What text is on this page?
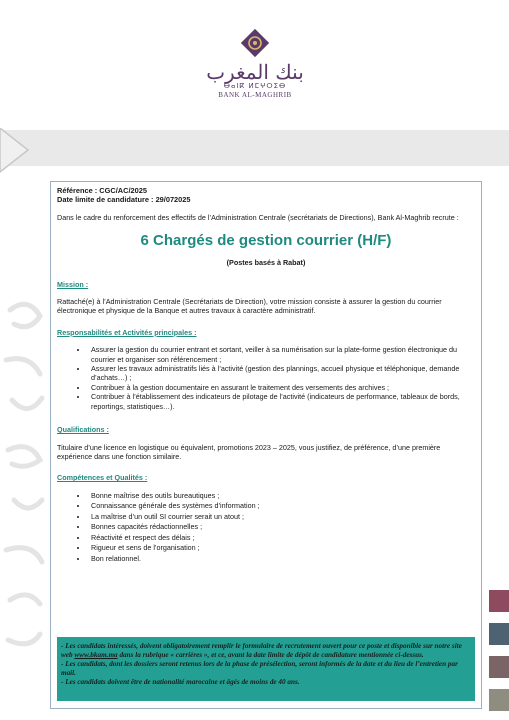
بنك المغرب
ⴱⴰⵏⴽ ⵍⵎⵖⵔⵉⴱ
BANK AL-MAGHRIB
Référence : CGC/AC/2025
Date limite de candidature : 29/072025
Dans le cadre du renforcement des effectifs de l’Administration Centrale (secrétariats de Directions), Bank Al-Maghrib recrute :
6 Chargés de gestion courrier (H/F)
(Postes basés à Rabat)
Mission :
Rattaché(e) à l’Administration Centrale (Secrétariats de Direction), votre mission consiste à assurer la gestion du courrier électronique et physique de la Banque et autres travaux à caractère administratif.
Responsabilités et Activités principales :
• Assurer la gestion du courrier entrant et sortant, veiller à sa numérisation sur la plate-forme gestion électronique du courrier et organiser son référencement ;
• Assurer les travaux administratifs liés à l’activité (gestion des plannings, accueil physique et téléphonique, demande d’achats…) ;
• Contribuer à la gestion documentaire en assurant le traitement des versements des archives ;
• Contribuer à l’établissement des indicateurs de pilotage de l’activité (indicateurs de performance, tableaux de bords, reportings, statistiques…).
Qualifications :
Titulaire d’une licence en logistique ou équivalent, promotions 2023 – 2025, vous justifiez, de préférence, d’une première expérience dans une fonction similaire.
Compétences et Qualités :
• Bonne maîtrise des outils bureautiques ;
• Connaissance générale des systèmes d’information ;
• La maîtrise d’un outil SI courrier serait un atout ;
• Bonnes capacités rédactionnelles ;
• Réactivité et respect des délais ;
• Rigueur et sens de l’organisation ;
• Bon relationnel.
- Les candidats intéressés, doivent obligatoirement remplir le formulaire de recrutement ouvert pour ce poste et disponible sur notre site web www.bkam.ma dans la rubrique « carrières », et ce, avant la date limite de dépôt de candidature mentionnée ci-dessus.
- Les candidats, dont les dossiers seront retenus lors de la phase de présélection, seront informés de la date et du lieu de l’entretien par mail.
- Les candidats doivent être de nationalité marocaine et âgés de moins de 40 ans.
